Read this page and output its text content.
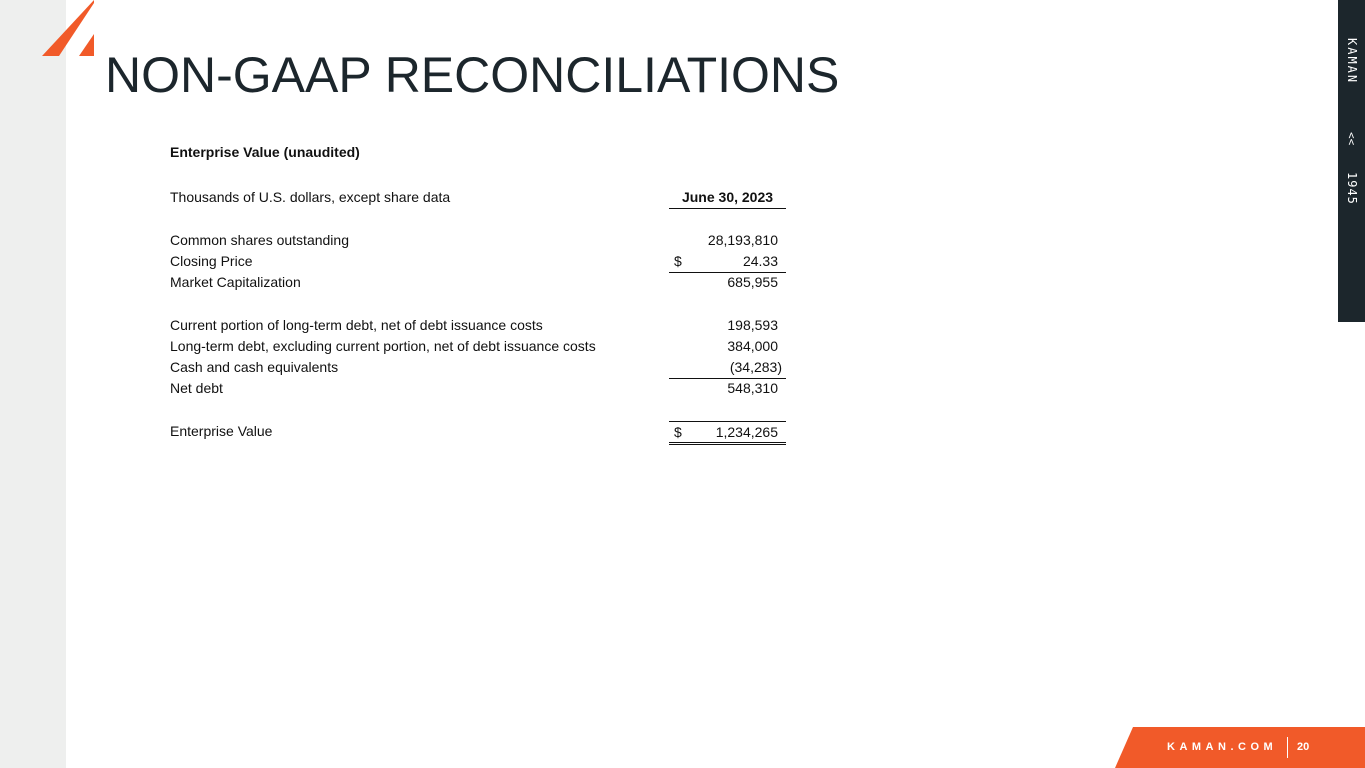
NON-GAAP RECONCILIATIONS	KAMAN
<<
1945
Enterprise Value (unaudited)
Thousands of U.S. dollars, except share data	June 30, 2023
Common shares outstanding	28,193,810
Closing Price	$	24.33
Market Capitalization	685,955
Current portion of long-term debt, net of debt issuance costs	198,593
Long-term debt, excluding current portion, net of debt issuance costs	384,000
Cash and cash equivalents	(34,283)
Net debt	548,310
Enterprise Value	$ 1,234,265
KAMAN.COM 20
